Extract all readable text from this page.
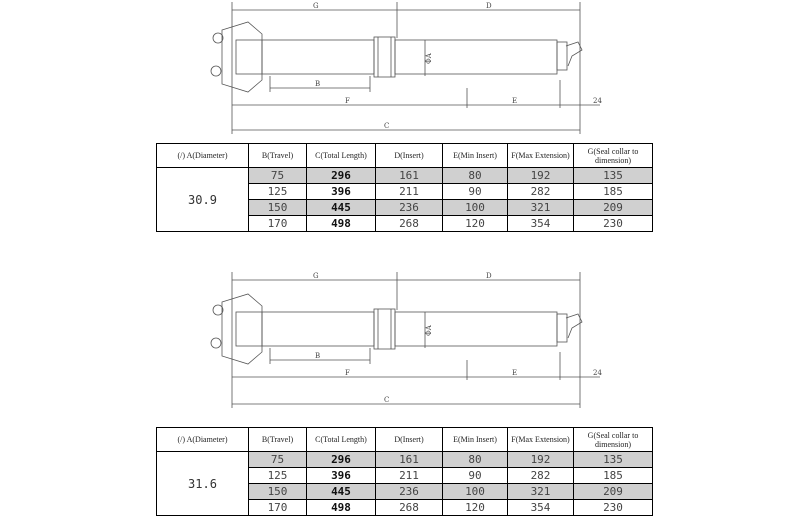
G	D
B
F	E
C
24
ΦA
(/) A(Diameter)	B(Travel)	C(Total Length)	D(Insert)	E(Min Insert)	F(Max Extension)	G(Seal collar to dimension)
30.9	75	296	161	80	192	135
	125	396	211	90	282	185
	150	445	236	100	321	209
	170	498	268	120	354	230
G	D
B
F	E
C
24
ΦA
(/) A(Diameter)	B(Travel)	C(Total Length)	D(Insert)	E(Min Insert)	F(Max Extension)	G(Seal collar to dimension)
31.6	75	296	161	80	192	135
	125	396	211	90	282	185
	150	445	236	100	321	209
	170	498	268	120	354	230
